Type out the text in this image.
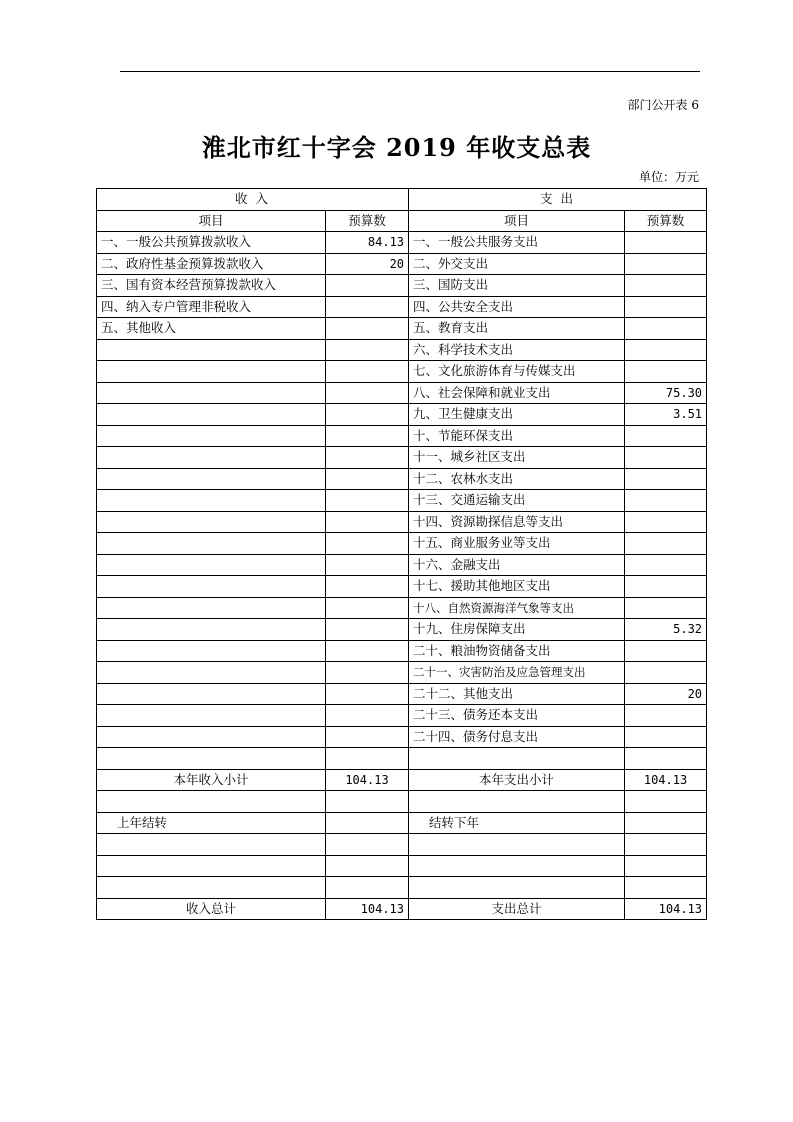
部门公开表 6
淮北市红十字会 2019 年收支总表
单位：万元
收 入		支 出	
项目	预算数	项目	预算数
一、一般公共预算拨款收入	84.13	一、一般公共服务支出	
二、政府性基金预算拨款收入	20	二、外交支出	
三、国有资本经营预算拨款收入		三、国防支出	
四、纳入专户管理非税收入		四、公共安全支出	
五、其他收入		五、教育支出	
		六、科学技术支出	
		七、文化旅游体育与传媒支出	
		八、社会保障和就业支出	75.30
		九、卫生健康支出	3.51
		十、节能环保支出	
		十一、城乡社区支出	
		十二、农林水支出	
		十三、交通运输支出	
		十四、资源勘探信息等支出	
		十五、商业服务业等支出	
		十六、金融支出	
		十七、援助其他地区支出	
		十八、自然资源海洋气象等支出	
		十九、住房保障支出	5.32
		二十、粮油物资储备支出	
		二十一、灾害防治及应急管理支出	
		二十二、其他支出	20
		二十三、债务还本支出	
		二十四、债务付息支出	

本年收入小计	104.13	本年支出小计	104.13

上年结转		结转下年	

收入总计	104.13	支出总计	104.13
